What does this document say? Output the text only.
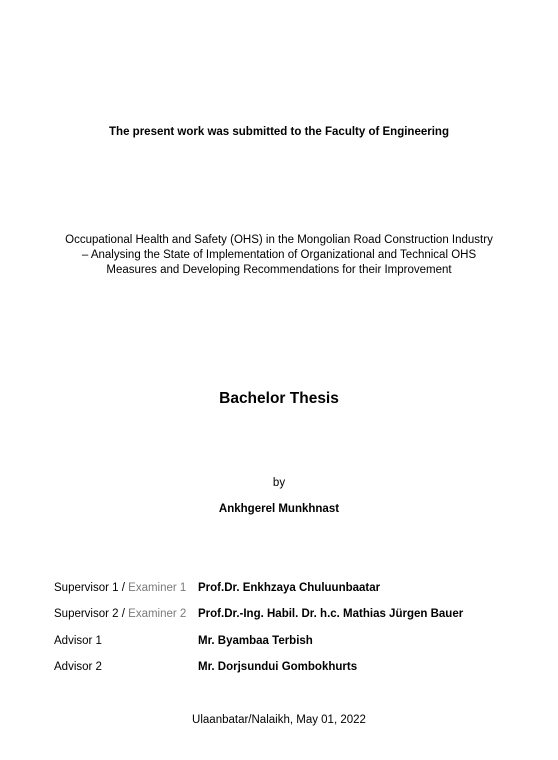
The present work was submitted to the Faculty of Engineering
Occupational Health and Safety (OHS) in the Mongolian Road Construction Industry
– Analysing the State of Implementation of Organizational and Technical OHS
Measures and Developing Recommendations for their Improvement
Bachelor Thesis
by
Ankhgerel Munkhnast
Supervisor 1 / Examiner 1 Prof.Dr. Enkhzaya Chuluunbaatar
Supervisor 2 / Examiner 2 Prof.Dr.-Ing. Habil. Dr. h.c. Mathias Jürgen Bauer
Advisor 1	Mr. Byambaa Terbish
Advisor 2	Mr. Dorjsundui Gombokhurts
Ulaanbatar/Nalaikh, May 01, 2022
